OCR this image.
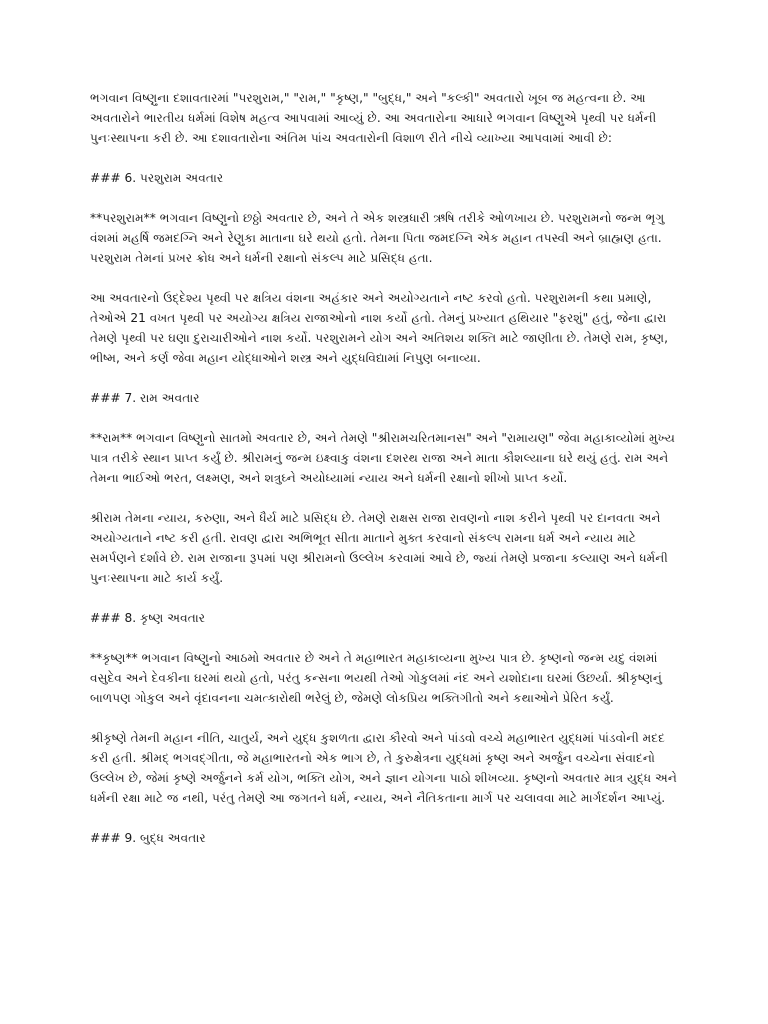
ભગવાન વિષ્ણુના દશાવતારમાં "પરશુરામ," "રામ," "કૃષ્ણ," "બુદ્ધ," અને "કલ્કી" અવતારો ખૂબ જ મહત્વના છે. આ અવતારોને ભારતીય ધર્મમાં વિશેષ મહત્વ આપવામાં આવ્યું છે. આ અવતારોના આધારે ભગવાન વિષ્ણુએ પૃથ્વી પર ધર્મની પુનઃસ્થાપના કરી છે. આ દશાવતારોના અંતિમ પાંચ અવતારોની વિશાળ રીતે નીચે વ્યાખ્યા આપવામાં આવી છે:

### 6. પરશુરામ અવતાર

**પરશુરામ** ભગવાન વિષ્ણુનો છઠ્ઠો અવતાર છે, અને તે એક શસ્ત્રધારી ઋષિ તરીકે ઓળખાય છે. પરશુરામનો જન્મ ભૃગુ વંશમાં મહર્ષિ જમદગ્નિ અને રેણુકા માતાના ઘરે થયો હતો. તેમના પિતા જમદગ્નિ એક મહાન તપસ્વી અને બ્રાહ્મણ હતા. પરશુરામ તેમનાં પ્રખર ક્રોધ અને ધર્મની રક્ષાનો સંકલ્પ માટે પ્રસિદ્ધ હતા.

આ અવતારનો ઉદ્દેશ્ય પૃથ્વી પર ક્ષત્રિય વંશના અહંકાર અને અયોગ્યતાને નષ્ટ કરવો હતો. પરશુરામની કથા પ્રમાણે, તેઓએ 21 વખત પૃથ્વી પર અયોગ્ય ક્ષત્રિય રાજાઓનો નાશ કર્યો હતો. તેમનું પ્રખ્યાત હથિયાર "ફરશું" હતું, જેના દ્વારા તેમણે પૃથ્વી પર ઘણા દુરાચારીઓને નાશ કર્યો. પરશુરામને યોગ અને અતિશય શક્તિ માટે જાણીતા છે. તેમણે રામ, કૃષ્ણ, ભીષ્મ, અને કર્ણ જેવા મહાન યોદ્ધાઓને શસ્ત્ર અને યુદ્ધવિદ્યામાં નિપુણ બનાવ્યા.

### 7. રામ અવતાર

**રામ** ભગવાન વિષ્ણુનો સાતમો અવતાર છે, અને તેમણે "શ્રીરામચરિતમાનસ" અને "રામાયણ" જેવા મહાકાવ્યોમાં મુખ્ય પાત્ર તરીકે સ્થાન પ્રાપ્ત કર્યું છે. શ્રીરામનું જન્મ ઇક્ષ્વાકુ વંશના દશરથ રાજા અને માતા કૌશલ્યાના ઘરે થયું હતું. રામ અને તેમના ભાઈઓ ભરત, લક્ષ્મણ, અને શત્રુઘ્ને અયોધ્યામાં ન્યાય અને ધર્મની રક્ષાનો શીખો પ્રાપ્ત કર્યો.

શ્રીરામ તેમના ન્યાય, કરુણા, અને ધૈર્ય માટે પ્રસિદ્ધ છે. તેમણે રાક્ષસ રાજા રાવણનો નાશ કરીને પૃથ્વી પર દાનવતા અને અયોગ્યતાને નષ્ટ કરી હતી. રાવણ દ્વારા અભિભૂત સીતા માતાને મુક્ત કરવાનો સંકલ્પ રામના ધર્મ અને ન્યાય માટે સમર્પણને દર્શાવે છે. રામ રાજાના રૂપમાં પણ શ્રીરામનો ઉલ્લેખ કરવામાં આવે છે, જ્યાં તેમણે પ્રજાના કલ્યાણ અને ધર્મની પુનઃસ્થાપના માટે કાર્ય કર્યું.

### 8. કૃષ્ણ અવતાર

**કૃષ્ણ** ભગવાન વિષ્ણુનો આઠમો અવતાર છે અને તે મહાભારત મહાકાવ્યના મુખ્ય પાત્ર છે. કૃષ્ણનો જન્મ યદુ વંશમાં વસુદેવ અને દેવકીના ઘરમાં થયો હતો, પરંતુ કન્સના ભયથી તેઓ ગોકુલમાં નંદ અને યશોદાના ઘરમાં ઉછર્યા. શ્રીકૃષ્ણનું બાળપણ ગોકુલ અને વૃંદાવનના ચમત્કારોથી ભરેલું છે, જેમણે લોકપ્રિય ભક્તિગીતો અને કથાઓને પ્રેરિત કર્યું.

શ્રીકૃષ્ણે તેમની મહાન નીતિ, ચાતુર્ય, અને યુદ્ધ કુશળતા દ્વારા કૌરવો અને પાંડવો વચ્ચે મહાભારત યુદ્ધમાં પાંડવોની મદદ કરી હતી. શ્રીમદ્ ભગવદ્ગીતા, જે મહાભારતનો એક ભાગ છે, તે કુરુક્ષેત્રના યુદ્ધમાં કૃષ્ણ અને અર્જુન વચ્ચેના સંવાદનો ઉલ્લેખ છે, જેમાં કૃષ્ણે અર્જુનને કર્મ યોગ, ભક્તિ યોગ, અને જ્ઞાન યોગના પાઠો શીખવ્યા. કૃષ્ણનો અવતાર માત્ર યુદ્ધ અને ધર્મની રક્ષા માટે જ નથી, પરંતુ તેમણે આ જગતને ધર્મ, ન્યાય, અને નૈતિકતાના માર્ગ પર ચલાવવા માટે માર્ગદર્શન આપ્યું.

### 9. બુદ્ધ અવતાર
